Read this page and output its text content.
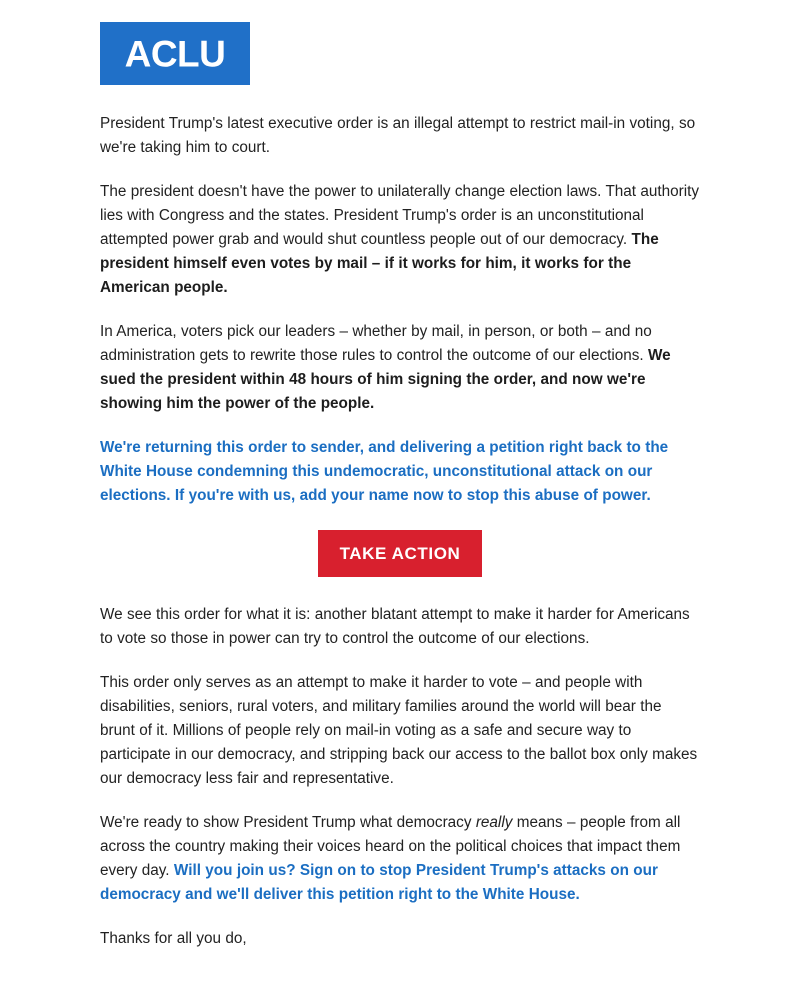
ACLU

President Trump's latest executive order is an illegal attempt to restrict mail-in voting, so we're taking him to court.

The president doesn't have the power to unilaterally change election laws. That authority lies with Congress and the states. President Trump's order is an unconstitutional attempted power grab and would shut countless people out of our democracy. The president himself even votes by mail – if it works for him, it works for the American people.

In America, voters pick our leaders – whether by mail, in person, or both – and no administration gets to rewrite those rules to control the outcome of our elections. We sued the president within 48 hours of him signing the order, and now we're showing him the power of the people.

We're returning this order to sender, and delivering a petition right back to the White House condemning this undemocratic, unconstitutional attack on our elections. If you're with us, add your name now to stop this abuse of power.

TAKE ACTION

We see this order for what it is: another blatant attempt to make it harder for Americans to vote so those in power can try to control the outcome of our elections.

This order only serves as an attempt to make it harder to vote – and people with disabilities, seniors, rural voters, and military families around the world will bear the brunt of it. Millions of people rely on mail-in voting as a safe and secure way to participate in our democracy, and stripping back our access to the ballot box only makes our democracy less fair and representative.

We're ready to show President Trump what democracy really means – people from all across the country making their voices heard on the political choices that impact them every day. Will you join us? Sign on to stop President Trump's attacks on our democracy and we'll deliver this petition right to the White House.

Thanks for all you do,
